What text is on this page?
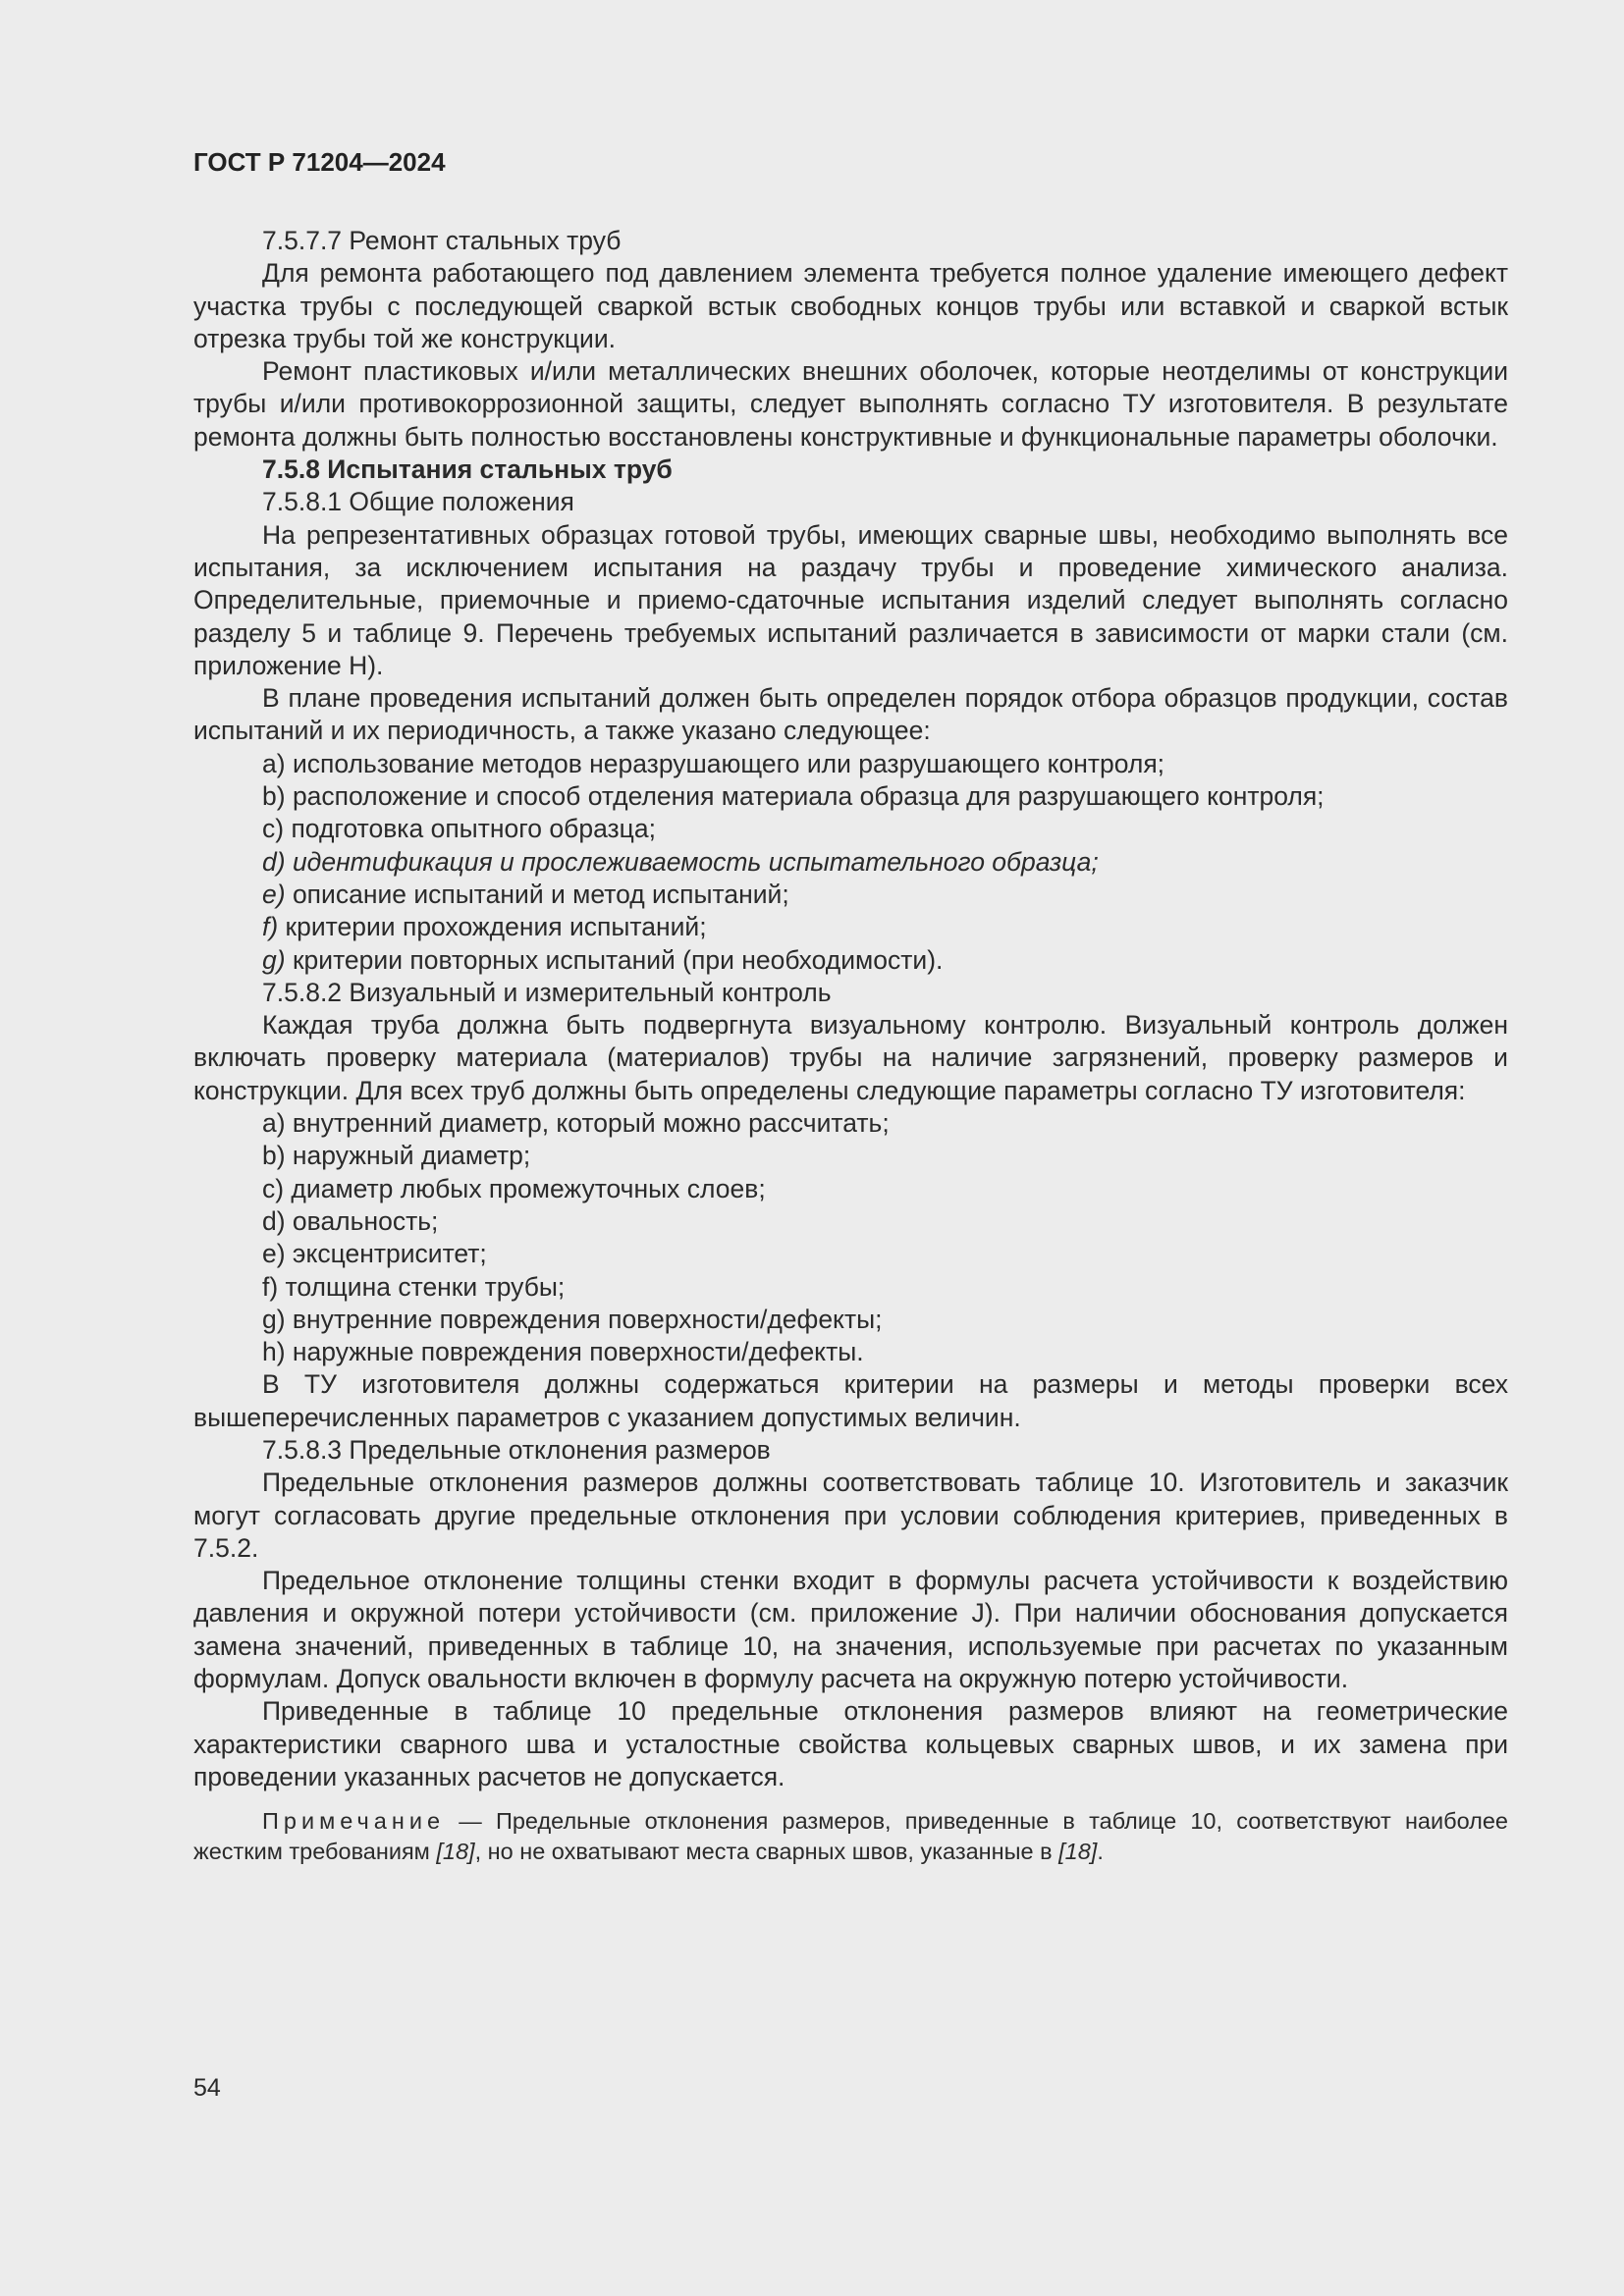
ГОСТ Р 71204—2024

7.5.7.7 Ремонт стальных труб

Для ремонта работающего под давлением элемента требуется полное удаление имеющего дефект участка трубы с последующей сваркой встык свободных концов трубы или вставкой и сваркой встык отрезка трубы той же конструкции.

Ремонт пластиковых и/или металлических внешних оболочек, которые неотделимы от конструкции трубы и/или противокоррозионной защиты, следует выполнять согласно ТУ изготовителя. В результате ремонта должны быть полностью восстановлены конструктивные и функциональные параметры оболочки.

7.5.8 Испытания стальных труб

7.5.8.1 Общие положения

На репрезентативных образцах готовой трубы, имеющих сварные швы, необходимо выполнять все испытания, за исключением испытания на раздачу трубы и проведение химического анализа. Определительные, приемочные и приемо-сдаточные испытания изделий следует выполнять согласно разделу 5 и таблице 9. Перечень требуемых испытаний различается в зависимости от марки стали (см. приложение Н).

В плане проведения испытаний должен быть определен порядок отбора образцов продукции, состав испытаний и их периодичность, а также указано следующее:

a) использование методов неразрушающего или разрушающего контроля;

b) расположение и способ отделения материала образца для разрушающего контроля;

c) подготовка опытного образца;

d) идентификация и прослеживаемость испытательного образца;

e) описание испытаний и метод испытаний;

f) критерии прохождения испытаний;

g) критерии повторных испытаний (при необходимости).

7.5.8.2 Визуальный и измерительный контроль

Каждая труба должна быть подвергнута визуальному контролю. Визуальный контроль должен включать проверку материала (материалов) трубы на наличие загрязнений, проверку размеров и конструкции. Для всех труб должны быть определены следующие параметры согласно ТУ изготовителя:

a) внутренний диаметр, который можно рассчитать;

b) наружный диаметр;

c) диаметр любых промежуточных слоев;

d) овальность;

e) эксцентриситет;

f) толщина стенки трубы;

g) внутренние повреждения поверхности/дефекты;

h) наружные повреждения поверхности/дефекты.

В ТУ изготовителя должны содержаться критерии на размеры и методы проверки всех вышеперечисленных параметров с указанием допустимых величин.

7.5.8.3 Предельные отклонения размеров

Предельные отклонения размеров должны соответствовать таблице 10. Изготовитель и заказчик могут согласовать другие предельные отклонения при условии соблюдения критериев, приведенных в 7.5.2.

Предельное отклонение толщины стенки входит в формулы расчета устойчивости к воздействию давления и окружной потери устойчивости (см. приложение J). При наличии обоснования допускается замена значений, приведенных в таблице 10, на значения, используемые при расчетах по указанным формулам. Допуск овальности включен в формулу расчета на окружную потерю устойчивости.

Приведенные в таблице 10 предельные отклонения размеров влияют на геометрические характеристики сварного шва и усталостные свойства кольцевых сварных швов, и их замена при проведении указанных расчетов не допускается.

Примечание — Предельные отклонения размеров, приведенные в таблице 10, соответствуют наиболее жестким требованиям [18], но не охватывают места сварных швов, указанные в [18].
54
